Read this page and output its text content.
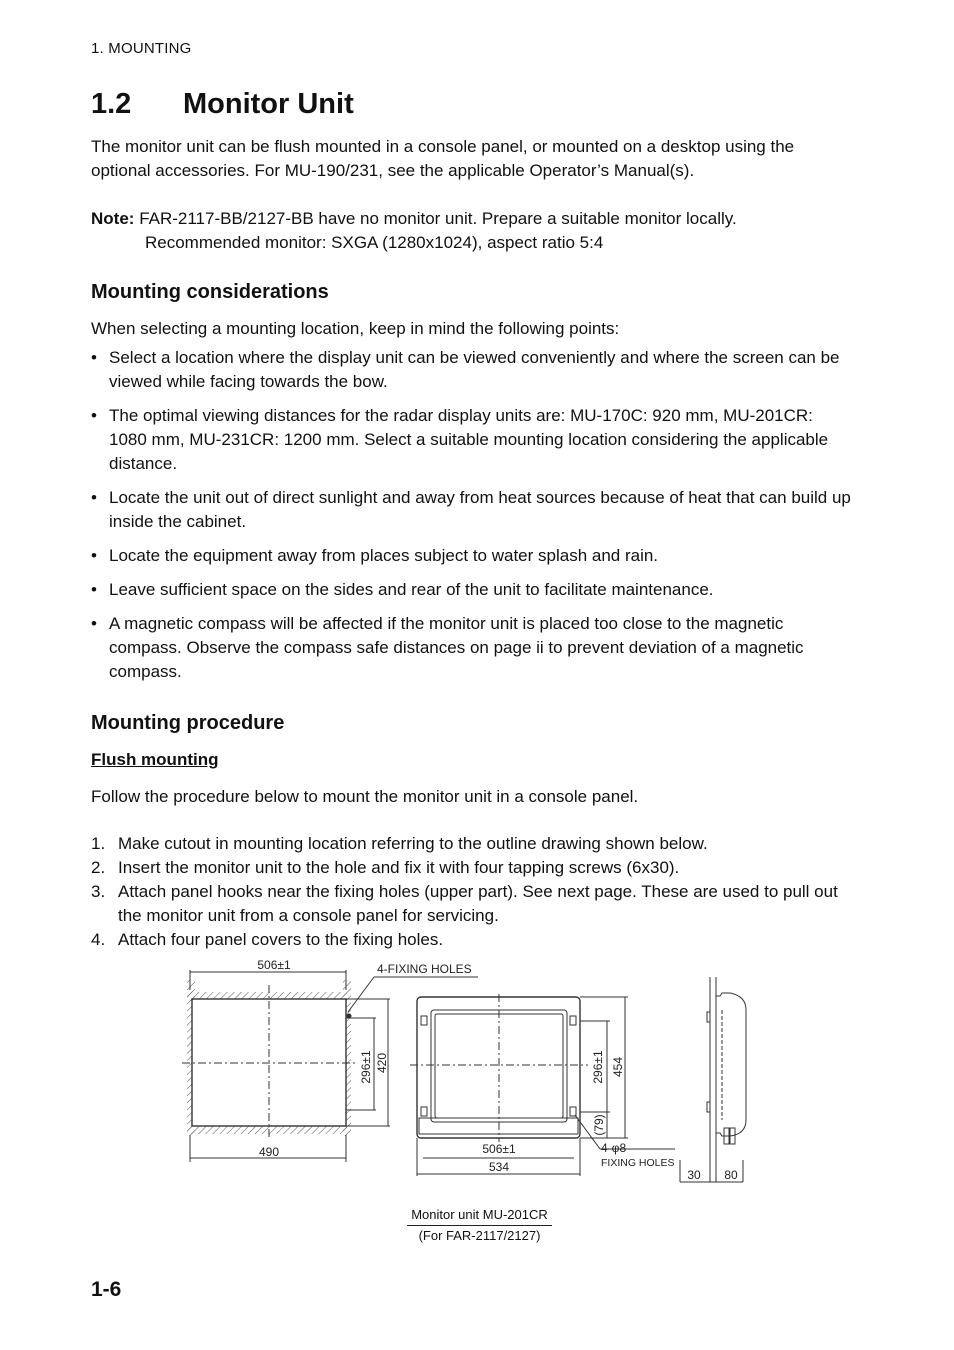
1. MOUNTING
1.2 Monitor Unit
The monitor unit can be flush mounted in a console panel, or mounted on a desktop using the optional accessories. For MU-190/231, see the applicable Operator’s Manual(s).
Note: FAR-2117-BB/2127-BB have no monitor unit. Prepare a suitable monitor locally.
Recommended monitor: SXGA (1280x1024), aspect ratio 5:4
Mounting considerations
When selecting a mounting location, keep in mind the following points:
• Select a location where the display unit can be viewed conveniently and where the screen can be viewed while facing towards the bow.
• The optimal viewing distances for the radar display units are: MU-170C: 920 mm, MU-201CR: 1080 mm, MU-231CR: 1200 mm. Select a suitable mounting location considering the applicable distance.
• Locate the unit out of direct sunlight and away from heat sources because of heat that can build up inside the cabinet.
• Locate the equipment away from places subject to water splash and rain.
• Leave sufficient space on the sides and rear of the unit to facilitate maintenance.
• A magnetic compass will be affected if the monitor unit is placed too close to the magnetic compass. Observe the compass safe distances on page ii to prevent deviation of a magnetic compass.
Mounting procedure
Flush mounting
Follow the procedure below to mount the monitor unit in a console panel.
1. Make cutout in mounting location referring to the outline drawing shown below.
2. Insert the monitor unit to the hole and fix it with four tapping screws (6x30).
3. Attach panel hooks near the fixing holes (upper part). See next page. These are used to pull out the monitor unit from a console panel for servicing.
4. Attach four panel covers to the fixing holes.
506±1	4-FIXING HOLES
490
296±1 420
506±1
534
296±1 454
(79)
4-φ8
FIXING HOLES
30 80
Monitor unit MU-201CR
(For FAR-2117/2127)
1-6
